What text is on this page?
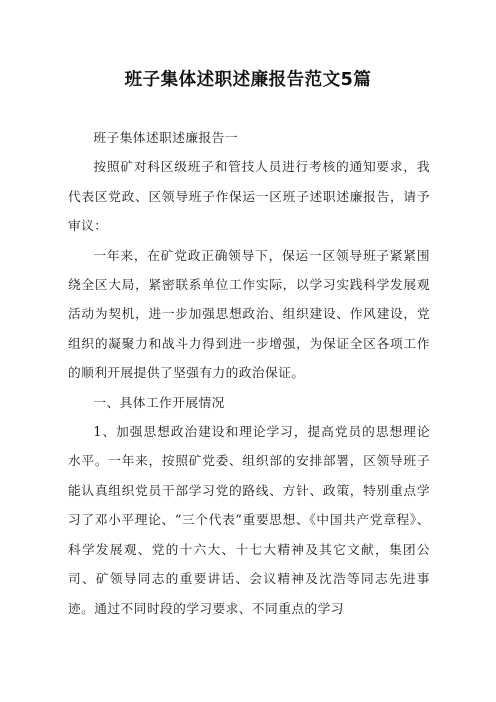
班子集体述职述廉报告范文5篇

班子集体述职述廉报告一

按照矿对科区级班子和管技人员进行考核的通知要求，我代表区党政、区领导班子作保运一区班子述职述廉报告，请予审议：

一年来，在矿党政正确领导下，保运一区领导班子紧紧围绕全区大局，紧密联系单位工作实际，以学习实践科学发展观活动为契机，进一步加强思想政治、组织建设、作风建设，党组织的凝聚力和战斗力得到进一步增强，为保证全区各项工作的顺利开展提供了坚强有力的政治保证。

一、具体工作开展情况

1、加强思想政治建设和理论学习，提高党员的思想理论水平。一年来，按照矿党委、组织部的安排部署，区领导班子能认真组织党员干部学习党的路线、方针、政策，特别重点学习了邓小平理论、“三个代表”重要思想、《中国共产党章程》、科学发展观、党的十六大、十七大精神及其它文献，集团公司、矿领导同志的重要讲话、会议精神及沈浩等同志先进事迹。通过不同时段的学习要求、不同重点的学习
